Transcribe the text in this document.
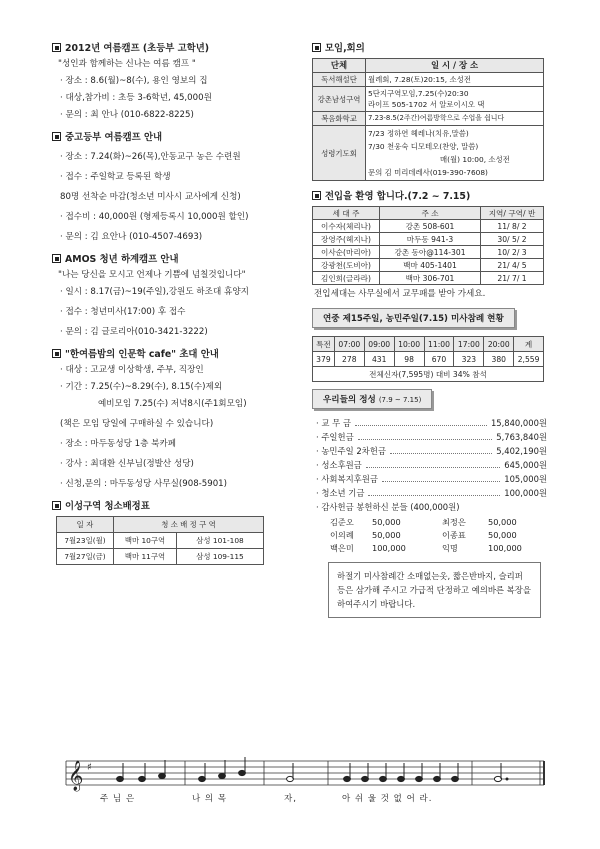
2012년 여름캠프 (초등부 고학년)

"성인과 함께하는 신나는 여름 캠프 "

· 장소 : 8.6(월)~8(수), 용인 영보의 집

· 대상,참가비 : 초등 3-6학년, 45,000원

· 문의 : 최 안나 (010-6822-8225)

중고등부 여름캠프 안내

· 장소 : 7.24(화)~26(목),안동교구 농은 수련원

· 접수 : 주일학교 등록된 학생

80명 선착순 마감(청소년 미사시 교사에게 신청)

· 접수비 : 40,000원 (형제등록시 10,000원 할인)

· 문의 : 김 요안나 (010-4507-4693)

AMOS 청년 하계캠프 안내

"나는 당신을 모시고 언제나 기쁨에 넘칠것입니다"

· 일시 : 8.17(금)~19(주일),강원도 하조대 휴양지

· 접수 : 청년미사(17:00) 후 접수

· 문의 : 김 글로리아(010-3421-3222)

"한여름밤의 인문학 cafe" 초대 안내

· 대상 : 고교생 이상학생, 주부, 직장인

· 기간 : 7.25(수)~8.29(수), 8.15(수)제외

예비모임 7.25(수) 저녁8시(주1회모임)

(책은 모임 당일에 구매하실 수 있습니다)

· 장소 : 마두동성당 1층 북카페

· 강사 : 최대환 신부님(정발산 성당)

· 신청,문의 : 마두동성당 사무실(908-5901)

이성구역 청소배정표

일 자	청 소 배 정 구 역	
7월23일(월)	백마 10구역	삼성 101-108
7월27일(금)	백마 11구역	삼성 109-115

모임,회의

단체	일 시 / 장 소
독서해설단	월례회, 7.28(토)20:15, 소성전
강촌남성구역	5단지구역모임,7.25(수)20:30
라이프 505-1702 서 알로이시오 댁

복음화학교	7.23-8.5(2주간)여름방학으로 수업을 쉽니다
성령기도회	7/23 정하연 헤레나(치유,말씀)
7/30 천웅숙 디모테오(찬양, 말씀)
매(월) 10:00, 소성전
문의 김 미리데레사(019-390-7608)

전입을 환영 합니다.(7.2 ~ 7.15)

세 대 주	주 소	지역/ 구역/ 반
이수자(체리나)	강촌 508-601	11/ 8/ 2
장영주(헤지나)	마두동 941-3	30/ 5/ 2
이사순(마리아)	강촌 동아@114-301	10/ 2/ 3
강광천(도비아)	백마 405-1401	21/ 4/ 5
김인희(글라라)	백마 306-701	21/ 7/ 1

전입세대는 사무실에서 교무패를 받아 가세요.

연중 제15주일, 농민주일(7.15) 미사참례 현황
특전	07:00	09:00	10:00	11:00	17:00	20:00	계
379	278	431	98	670	323	380	2,559
전체신자(7,595명) 대비 34% 참석							
우리들의 정성 (7.9 ~ 7.15)
· 교 무 금	15,840,000원
· 주일헌금	5,763,840원
· 농민주일 2차헌금	5,402,190원
· 성소후원금	645,000원
· 사회복지후원금	105,000원
· 청소년 기금	100,000원
· 감사헌금 봉헌하신 분들 (400,000원)
김준오	50,000	최정은	50,000
이의례	50,000	이종표	50,000
백은미	100,000	익명	100,000
하절기 미사참례간 소매없는옷, 짧은반바지, 슬리퍼 등은 삼가해 주시고 가급적 단정하고 예의바른 복장을 하여주시기 바랍니다.
𝄞 ♯
주 님 은	나 의 목	자,	아 쉬 울 것 없 어 라.
